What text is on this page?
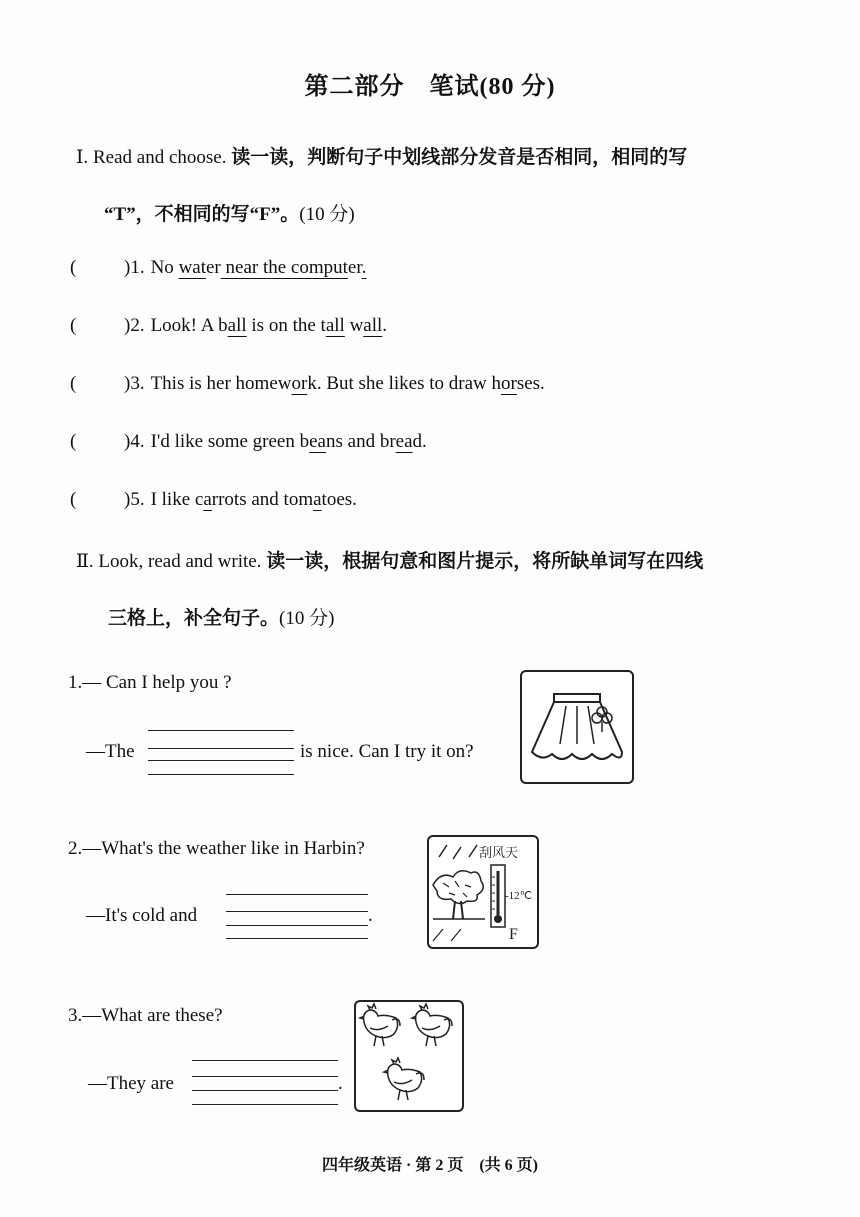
第二部分　笔试(80 分)
Ⅰ. Read and choose. 读一读，判断句子中划线部分发音是否相同，相同的写
“T”，不相同的写“F”。(10 分)
(	)1. No water near the computer.
(	)2. Look! A ball is on the tall wall.
(	)3. This is her homework. But she likes to draw horses.
(	)4. I'd like some green beans and bread.
(	)5. I like carrots and tomatoes.
Ⅱ. Look, read and write. 读一读，根据句意和图片提示，将所缺单词写在四线
三格上，补全句子。(10 分)
1.— Can I help you ?
—The	is nice. Can I try it on?
2.—What's the weather like in Harbin?
—It's cold and	.
刮风天
-12℃
F
3.—What are these?
—They are	.
四年级英语 · 第 2 页　(共 6 页)
